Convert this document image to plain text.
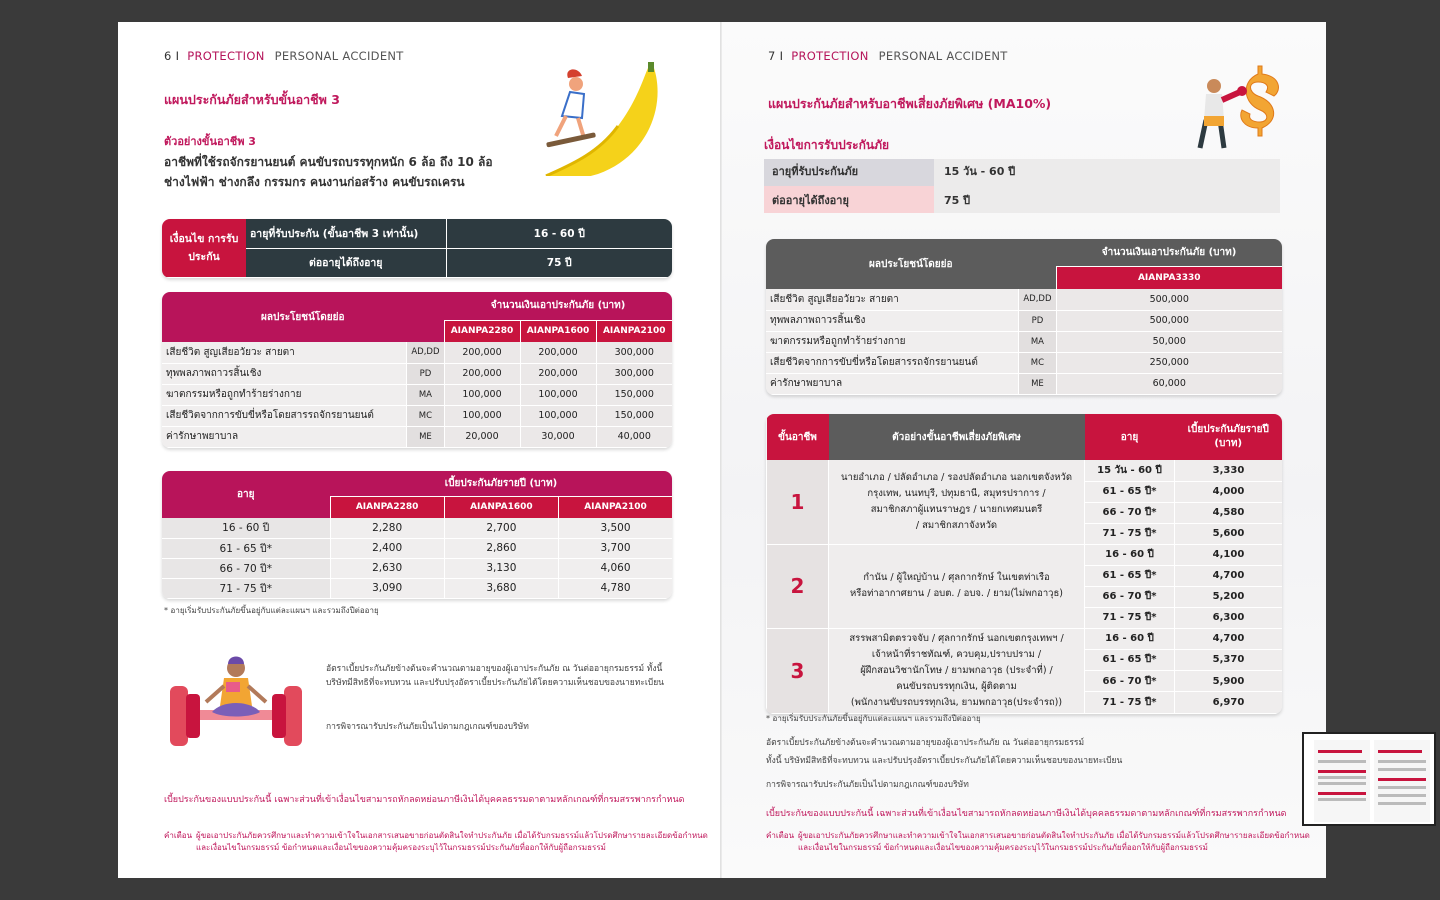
6 I PROTECTION PERSONAL ACCIDENT
แผนประกันภัยสำหรับขั้นอาชีพ 3
ตัวอย่างขั้นอาชีพ 3
อาชีพที่ใช้รถจักรยานยนต์ คนขับรถบรรทุกหนัก 6 ล้อ ถึง 10 ล้อ
ช่างไฟฟ้า ช่างกลึง กรรมกร คนงานก่อสร้าง คนขับรถเครน
เงื่อนไข การรับประกัน	อายุที่รับประกัน (ขั้นอาชีพ 3 เท่านั้น)	16 - 60 ปี
	ต่ออายุได้ถึงอายุ	75 ปี
ผลประโยชน์โดยย่อ		จำนวนเงินเอาประกันภัย (บาท)		
		AIANPA2280	AIANPA1600	AIANPA2100
เสียชีวิต สูญเสียอวัยวะ สายตา	AD,DD	200,000	200,000	300,000
ทุพพลภาพถาวรสิ้นเชิง	PD	200,000	200,000	300,000
ฆาตกรรมหรือถูกทำร้ายร่างกาย	MA	100,000	100,000	150,000
เสียชีวิตจากการขับขี่หรือโดยสารรถจักรยานยนต์	MC	100,000	100,000	150,000
ค่ารักษาพยาบาล	ME	20,000	30,000	40,000
อายุ	เบี้ยประกันภัยรายปี (บาท)		
	AIANPA2280	AIANPA1600	AIANPA2100
16 - 60 ปี	2,280	2,700	3,500
61 - 65 ปี*	2,400	2,860	3,700
66 - 70 ปี*	2,630	3,130	4,060
71 - 75 ปี*	3,090	3,680	4,780
* อายุเริ่มรับประกันภัยขึ้นอยู่กับแต่ละแผนฯ และรวมถึงปีต่ออายุ
อัตราเบี้ยประกันภัยข้างต้นจะคำนวณตามอายุของผู้เอาประกันภัย ณ วันต่ออายุกรมธรรม์ ทั้งนี้ บริษัทมีสิทธิที่จะทบทวน และปรับปรุงอัตราเบี้ยประกันภัยได้โดยความเห็นชอบของนายทะเบียน
การพิจารณารับประกันภัยเป็นไปตามกฎเกณฑ์ของบริษัท
เบี้ยประกันของแบบประกันนี้ เฉพาะส่วนที่เข้าเงื่อนไขสามารถหักลดหย่อนภาษีเงินได้บุคคลธรรมดาตามหลักเกณฑ์ที่กรมสรรพากรกำหนด
คำเตือน ผู้ขอเอาประกันภัยควรศึกษาและทำความเข้าใจในเอกสารเสนอขายก่อนตัดสินใจทำประกันภัย เมื่อได้รับกรมธรรม์แล้วโปรดศึกษารายละเอียดข้อกำหนด
และเงื่อนไขในกรมธรรม์ ข้อกำหนดและเงื่อนไขของความคุ้มครองระบุไว้ในกรมธรรม์ประกันภัยที่ออกให้กับผู้ถือกรมธรรม์
7 I PROTECTION PERSONAL ACCIDENT
แผนประกันภัยสำหรับอาชีพเสี่ยงภัยพิเศษ (MA10%)
เงื่อนไขการรับประกันภัย
อายุที่รับประกันภัย	15 วัน - 60 ปี
ต่ออายุได้ถึงอายุ	75 ปี
ผลประโยชน์โดยย่อ		จำนวนเงินเอาประกันภัย (บาท)
		AIANPA3330
เสียชีวิต สูญเสียอวัยวะ สายตา	AD,DD	500,000
ทุพพลภาพถาวรสิ้นเชิง	PD	500,000
ฆาตกรรมหรือถูกทำร้ายร่างกาย	MA	50,000
เสียชีวิตจากการขับขี่หรือโดยสารรถจักรยานยนต์	MC	250,000
ค่ารักษาพยาบาล	ME	60,000
ขั้นอาชีพ	ตัวอย่างขั้นอาชีพเสี่ยงภัยพิเศษ	อายุ	เบี้ยประกันภัยรายปี (บาท)
1	นายอำเภอ / ปลัดอำเภอ / รองปลัดอำเภอ นอกเขตจังหวัด
กรุงเทพ, นนทบุรี, ปทุมธานี, สมุทรปราการ /
สมาชิกสภาผู้แทนราษฎร / นายกเทศมนตรี
/ สมาชิกสภาจังหวัด	15 วัน - 60 ปี	3,330
		61 - 65 ปี*	4,000
		66 - 70 ปี*	4,580
		71 - 75 ปี*	5,600
2	กำนัน / ผู้ใหญ่บ้าน / ศุลกากรักษ์ ในเขตท่าเรือ
หรือท่าอากาศยาน / อบต. / อบจ. / ยาม(ไม่พกอาวุธ)	16 - 60 ปี	4,100
		61 - 65 ปี*	4,700
		66 - 70 ปี*	5,200
		71 - 75 ปี*	6,300
3	สรรพสามิตตรวจจับ / ศุลกากรักษ์ นอกเขตกรุงเทพฯ /
เจ้าหน้าที่ราชทัณฑ์, ควบคุม,ปราบปราม /
ผู้ฝึกสอนวิชานักโทษ / ยามพกอาวุธ (ประจำที่) /
คนขับรถบรรทุกเงิน, ผู้ติดตาม
(พนักงานขับรถบรรทุกเงิน, ยามพกอาวุธ(ประจำรถ))	16 - 60 ปี	4,700
		61 - 65 ปี*	5,370
		66 - 70 ปี*	5,900
		71 - 75 ปี*	6,970
* อายุเริ่มรับประกันภัยขึ้นอยู่กับแต่ละแผนฯ และรวมถึงปีต่ออายุ
อัตราเบี้ยประกันภัยข้างต้นจะคำนวณตามอายุของผู้เอาประกันภัย ณ วันต่ออายุกรมธรรม์
ทั้งนี้ บริษัทมีสิทธิที่จะทบทวน และปรับปรุงอัตราเบี้ยประกันภัยได้โดยความเห็นชอบของนายทะเบียน
การพิจารณารับประกันภัยเป็นไปตามกฎเกณฑ์ของบริษัท
เบี้ยประกันของแบบประกันนี้ เฉพาะส่วนที่เข้าเงื่อนไขสามารถหักลดหย่อนภาษีเงินได้บุคคลธรรมดาตามหลักเกณฑ์ที่กรมสรรพากรกำหนด
คำเตือน ผู้ขอเอาประกันภัยควรศึกษาและทำความเข้าใจในเอกสารเสนอขายก่อนตัดสินใจทำประกันภัย เมื่อได้รับกรมธรรม์แล้วโปรดศึกษารายละเอียดข้อกำหนด
และเงื่อนไขในกรมธรรม์ ข้อกำหนดและเงื่อนไขของความคุ้มครองระบุไว้ในกรมธรรม์ประกันภัยที่ออกให้กับผู้ถือกรมธรรม์
